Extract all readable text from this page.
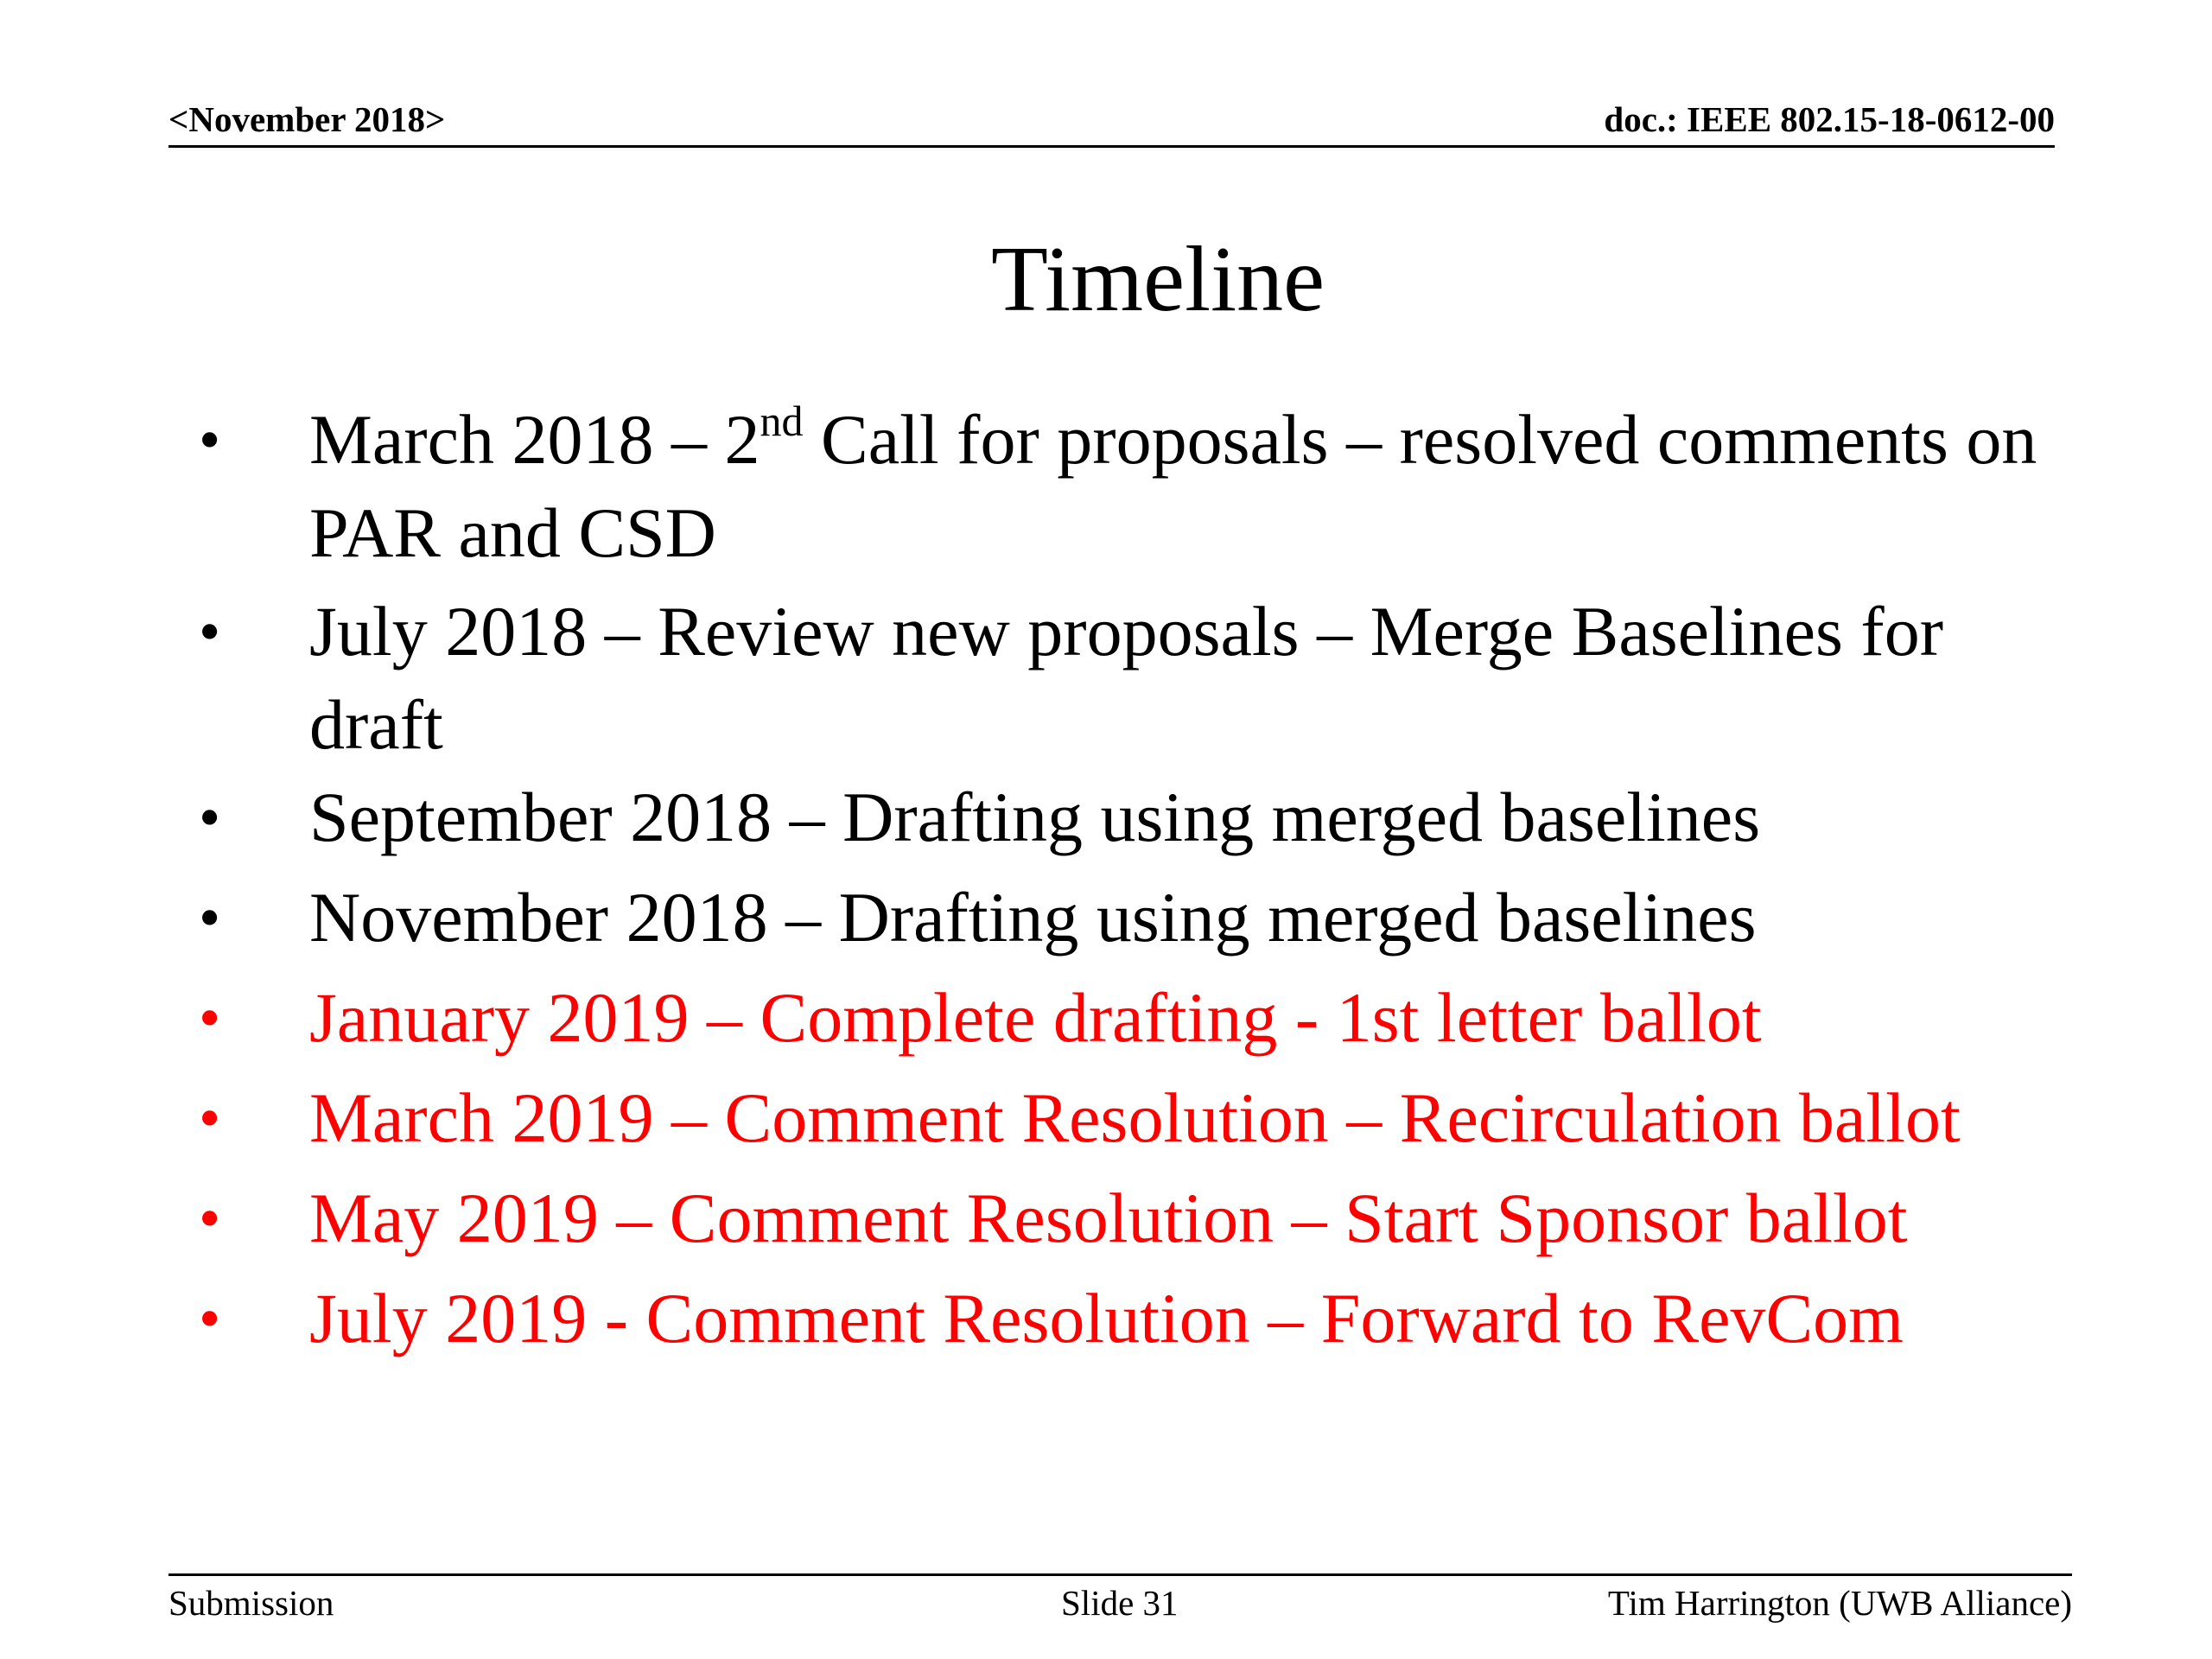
<November 2018>	doc.: IEEE 802.15-18-0612-00
Timeline
• March 2018 – 2nd Call for proposals – resolved comments on PAR and CSD
• July 2018 – Review new proposals – Merge Baselines for draft
• September 2018 – Drafting using merged baselines
• November 2018 – Drafting using merged baselines
• January 2019 – Complete drafting - 1st letter ballot
• March 2019 – Comment Resolution – Recirculation ballot
• May 2019 – Comment Resolution – Start Sponsor ballot
• July 2019 - Comment Resolution – Forward to RevCom
Submission	Slide 31	Tim Harrington (UWB Alliance)
